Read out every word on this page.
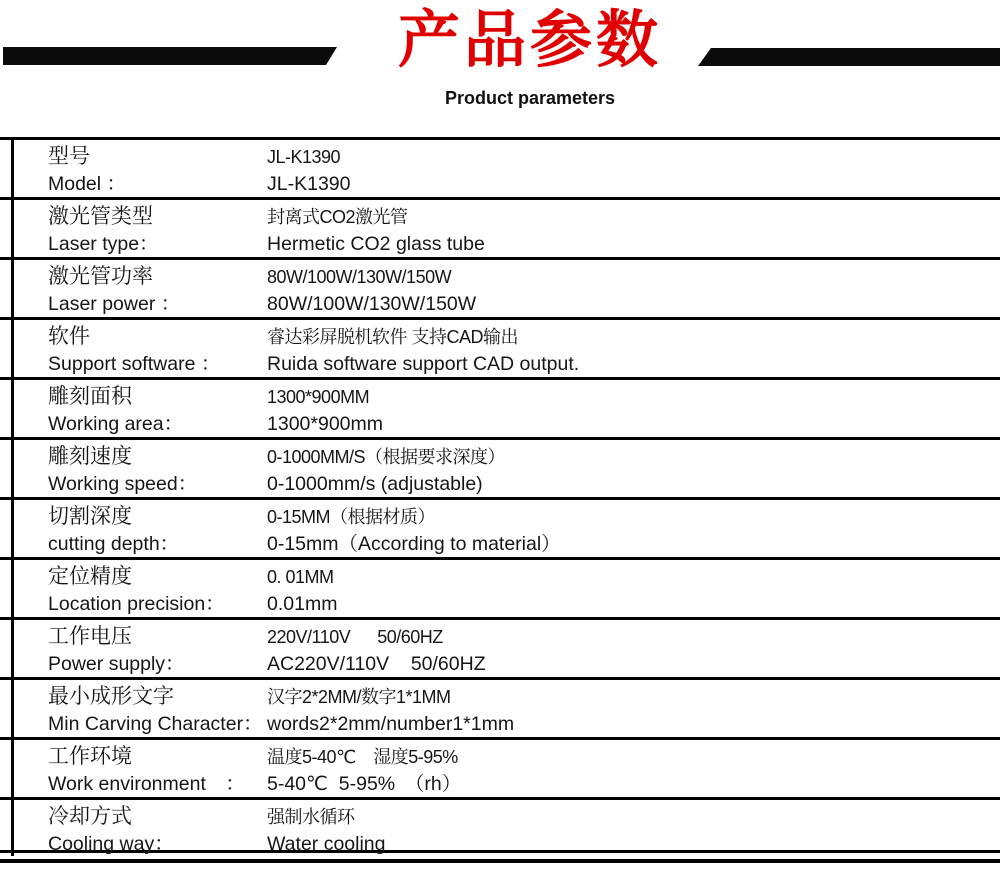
产品参数
Product parameters
型号
Model ：
JL-K1390
JL-K1390
激光管类型
Laser type：
封离式CO2激光管
Hermetic CO2 glass tube
激光管功率
Laser power ：
80W/100W/130W/150W
80W/100W/130W/150W
软件
Support software ：
睿达彩屏脱机软件 支持CAD输出
Ruida software support CAD output.
雕刻面积
Working area：
1300*900MM
1300*900mm
雕刻速度
Working speed：
0-1000MM/S（根据要求深度）
0-1000mm/s (adjustable)
切割深度
cutting depth：
0-15MM（根据材质）
0-15mm（According to material）
定位精度
Location precision：
0. 01MM
0.01mm
工作电压
Power supply：
220V/110V      50/60HZ
AC220V/110V    50/60HZ
最小成形文字
Min Carving Character：
汉字2*2MM/数字1*1MM
words2*2mm/number1*1mm
工作环境
Work environment　：
温度5-40℃　湿度5-95%
5-40℃  5-95%　（rh）
冷却方式
Cooling way：
强制水循环
Water cooling
